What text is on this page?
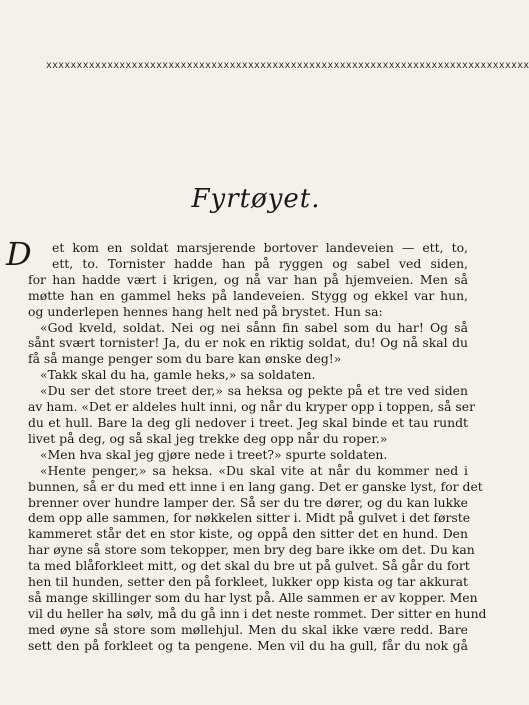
xxxxxxxxxxxxxxxxxxxxxxxxxxxxxxxxxxxxxxxxxxxxxxxxxxxxxxxxxxxxxxxxxxxxxxxxxxxxxxx
Fyrtøyet.
D	et kom en soldat marsjerende bortover landeveien — ett, to,
ett, to. Tornister hadde han på ryggen og sabel ved siden,
for han hadde vært i krigen, og nå var han på hjemveien. Men så
møtte han en gammel heks på landeveien. Stygg og ekkel var hun,
og underlepen hennes hang helt ned på brystet. Hun sa:
«God kveld, soldat. Nei og nei sånn fin sabel som du har! Og så
sånt svært tornister! Ja, du er nok en riktig soldat, du! Og nå skal du
få så mange penger som du bare kan ønske deg!»
«Takk skal du ha, gamle heks,» sa soldaten.
«Du ser det store treet der,» sa heksa og pekte på et tre ved siden
av ham. «Det er aldeles hult inni, og når du kryper opp i toppen, så ser
du et hull. Bare la deg gli nedover i treet. Jeg skal binde et tau rundt
livet på deg, og så skal jeg trekke deg opp når du roper.»
«Men hva skal jeg gjøre nede i treet?» spurte soldaten.
«Hente penger,» sa heksa. «Du skal vite at når du kommer ned i
bunnen, så er du med ett inne i en lang gang. Det er ganske lyst, for det
brenner over hundre lamper der. Så ser du tre dører, og du kan lukke
dem opp alle sammen, for nøkkelen sitter i. Midt på gulvet i det første
kammeret står det en stor kiste, og oppå den sitter det en hund. Den
har øyne så store som tekopper, men bry deg bare ikke om det. Du kan
ta med blåforkleet mitt, og det skal du bre ut på gulvet. Så går du fort
hen til hunden, setter den på forkleet, lukker opp kista og tar akkurat
så mange skillinger som du har lyst på. Alle sammen er av kopper. Men
vil du heller ha sølv, må du gå inn i det neste rommet. Der sitter en hund
med øyne så store som møllehjul. Men du skal ikke være redd. Bare
sett den på forkleet og ta pengene. Men vil du ha gull, får du nok gå
